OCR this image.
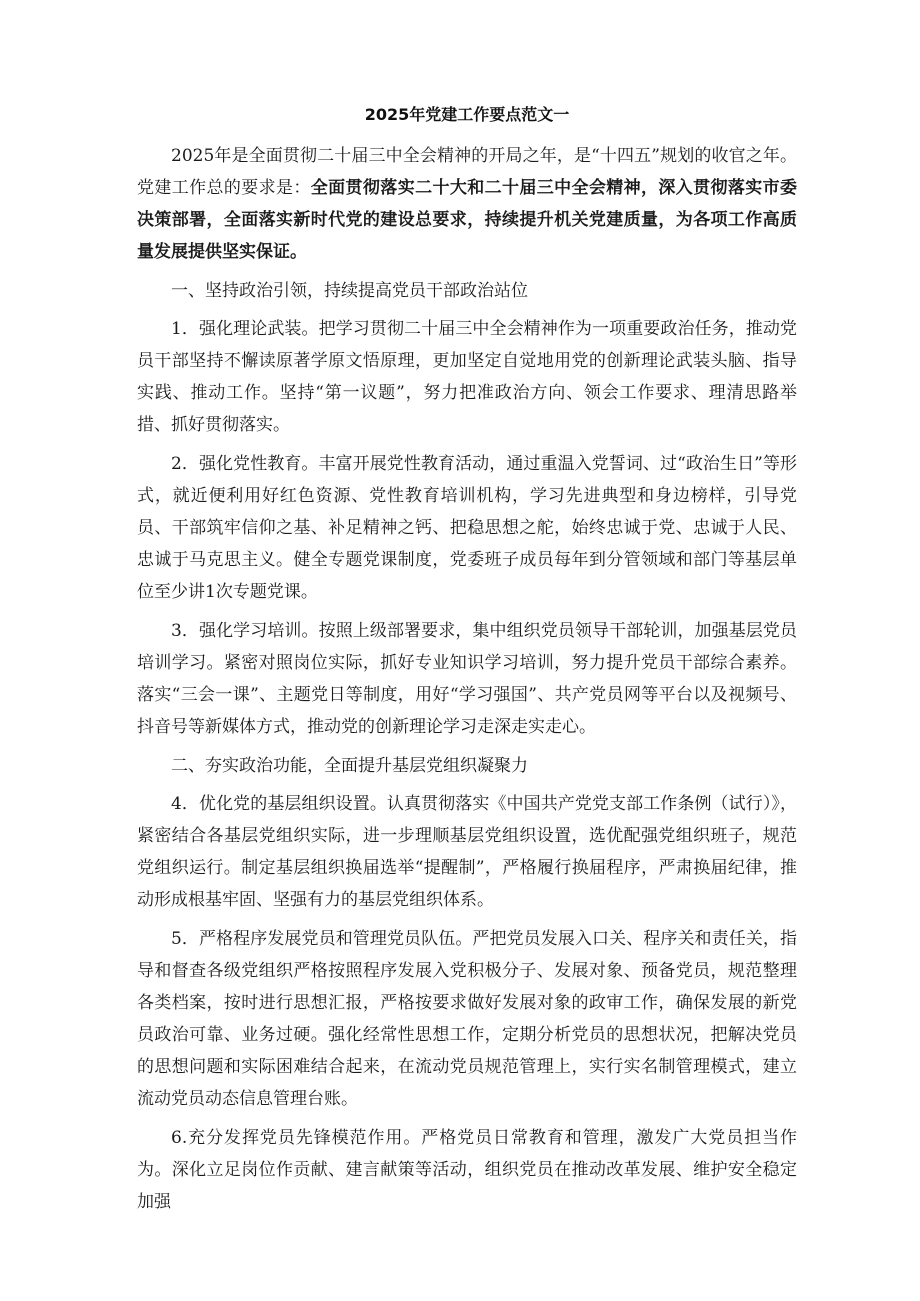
2025年党建工作要点范文一

2025年是全面贯彻二十届三中全会精神的开局之年，是“十四五”规划的收官之年。党建工作总的要求是：全面贯彻落实二十大和二十届三中全会精神，深入贯彻落实市委决策部署，全面落实新时代党的建设总要求，持续提升机关党建质量，为各项工作高质量发展提供坚实保证。

一、坚持政治引领，持续提高党员干部政治站位

1．强化理论武装。把学习贯彻二十届三中全会精神作为一项重要政治任务，推动党员干部坚持不懈读原著学原文悟原理，更加坚定自觉地用党的创新理论武装头脑、指导实践、推动工作。坚持“第一议题”，努力把准政治方向、领会工作要求、理清思路举措、抓好贯彻落实。

2．强化党性教育。丰富开展党性教育活动，通过重温入党誓词、过“政治生日”等形式，就近便利用好红色资源、党性教育培训机构，学习先进典型和身边榜样，引导党员、干部筑牢信仰之基、补足精神之钙、把稳思想之舵，始终忠诚于党、忠诚于人民、忠诚于马克思主义。健全专题党课制度，党委班子成员每年到分管领域和部门等基层单位至少讲1次专题党课。

3．强化学习培训。按照上级部署要求，集中组织党员领导干部轮训，加强基层党员培训学习。紧密对照岗位实际，抓好专业知识学习培训，努力提升党员干部综合素养。落实“三会一课”、主题党日等制度，用好“学习强国”、共产党员网等平台以及视频号、抖音号等新媒体方式，推动党的创新理论学习走深走实走心。

二、夯实政治功能，全面提升基层党组织凝聚力

4．优化党的基层组织设置。认真贯彻落实《中国共产党党支部工作条例（试行）》，紧密结合各基层党组织实际，进一步理顺基层党组织设置，选优配强党组织班子，规范党组织运行。制定基层组织换届选举“提醒制”，严格履行换届程序，严肃换届纪律，推动形成根基牢固、坚强有力的基层党组织体系。

5．严格程序发展党员和管理党员队伍。严把党员发展入口关、程序关和责任关，指导和督查各级党组织严格按照程序发展入党积极分子、发展对象、预备党员，规范整理各类档案，按时进行思想汇报，严格按要求做好发展对象的政审工作，确保发展的新党员政治可靠、业务过硬。强化经常性思想工作，定期分析党员的思想状况，把解决党员的思想问题和实际困难结合起来，在流动党员规范管理上，实行实名制管理模式，建立流动党员动态信息管理台账。

6.充分发挥党员先锋模范作用。严格党员日常教育和管理，激发广大党员担当作为。深化立足岗位作贡献、建言献策等活动，组织党员在推动改革发展、维护安全稳定加强
